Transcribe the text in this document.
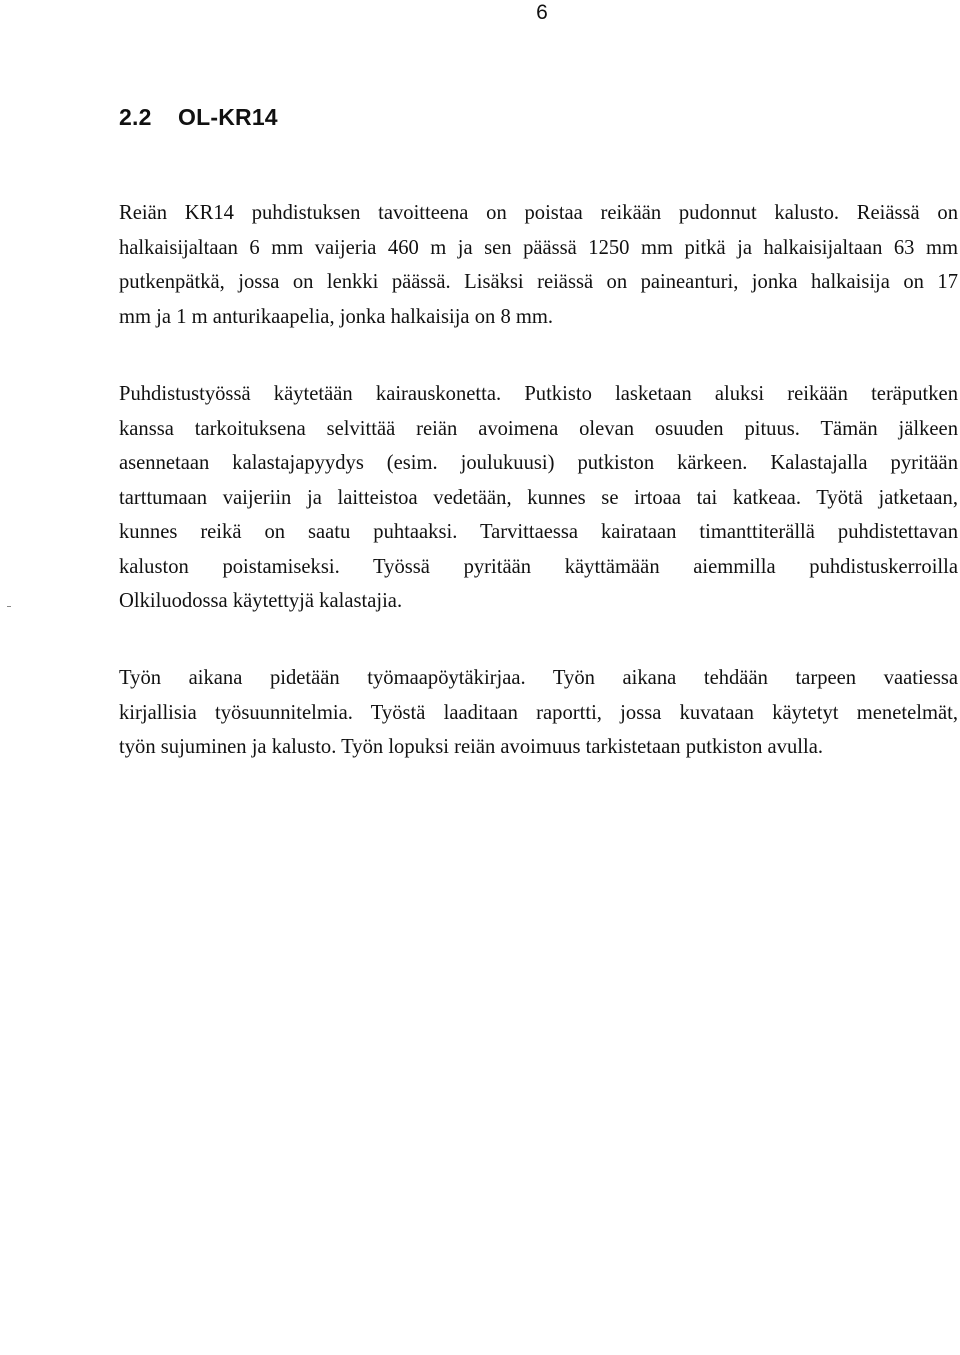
6
2.2 OL-KR14

Reiän KR14 puhdistuksen tavoitteena on poistaa reikään pudonnut kalusto. Reiässä on
halkaisijaltaan 6 mm vaijeria 460 m ja sen päässä 1250 mm pitkä ja halkaisijaltaan 63 mm
putkenpätkä, jossa on lenkki päässä. Lisäksi reiässä on paineanturi, jonka halkaisija on 17
mm ja 1 m anturikaapelia, jonka halkaisija on 8 mm.

Puhdistustyössä käytetään kairauskonetta. Putkisto lasketaan aluksi reikään teräputken
kanssa tarkoituksena selvittää reiän avoimena olevan osuuden pituus. Tämän jälkeen
asennetaan kalastajapyydys (esim. joulukuusi) putkiston kärkeen. Kalastajalla pyritään
tarttumaan vaijeriin ja laitteistoa vedetään, kunnes se irtoaa tai katkeaa. Työtä jatketaan,
kunnes reikä on saatu puhtaaksi. Tarvittaessa kairataan timanttiterällä puhdistettavan
kaluston poistamiseksi. Työssä pyritään käyttämään aiemmilla puhdistuskerroilla
Olkiluodossa käytettyjä kalastajia.

Työn aikana pidetään työmaapöytäkirjaa. Työn aikana tehdään tarpeen vaatiessa
kirjallisia työsuunnitelmia. Työstä laaditaan raportti, jossa kuvataan käytetyt menetelmät,
työn sujuminen ja kalusto. Työn lopuksi reiän avoimuus tarkistetaan putkiston avulla.
